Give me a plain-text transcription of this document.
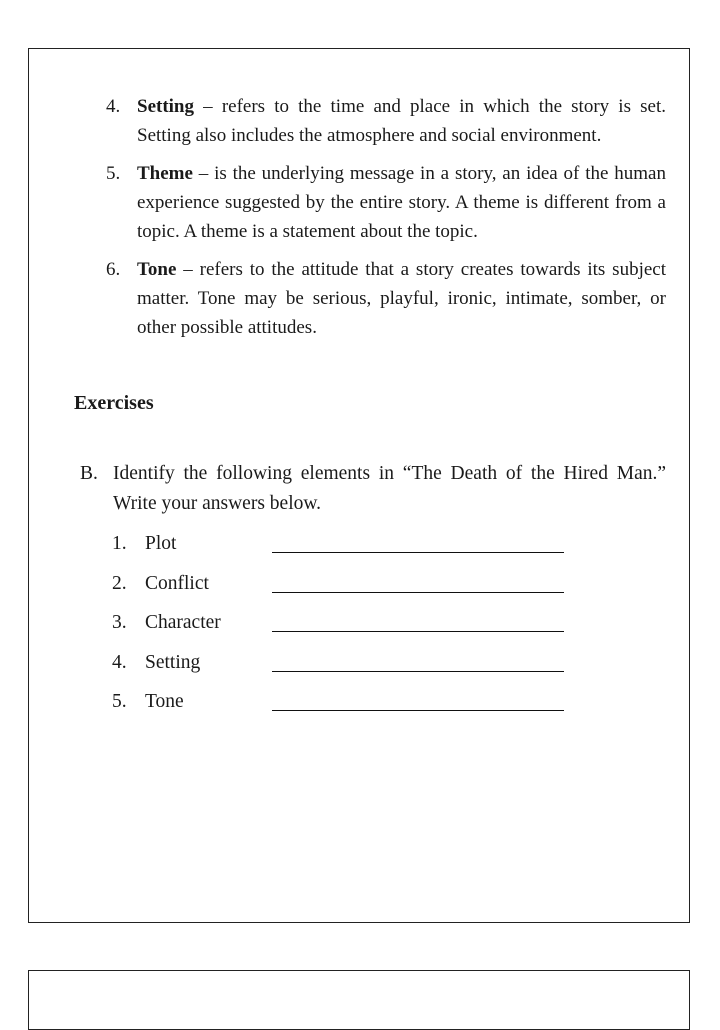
4. Setting – refers to the time and place in which the story is set. Setting also includes the atmosphere and social environment.
5. Theme – is the underlying message in a story, an idea of the human experience suggested by the entire story. A theme is different from a topic. A theme is a statement about the topic.
6. Tone – refers to the attitude that a story creates towards its subject matter. Tone may be serious, playful, ironic, intimate, somber, or other possible attitudes.
Exercises
B. Identify the following elements in “The Death of the Hired Man.” Write your answers below.
1. Plot
2. Conflict
3. Character
4. Setting
5. Tone
